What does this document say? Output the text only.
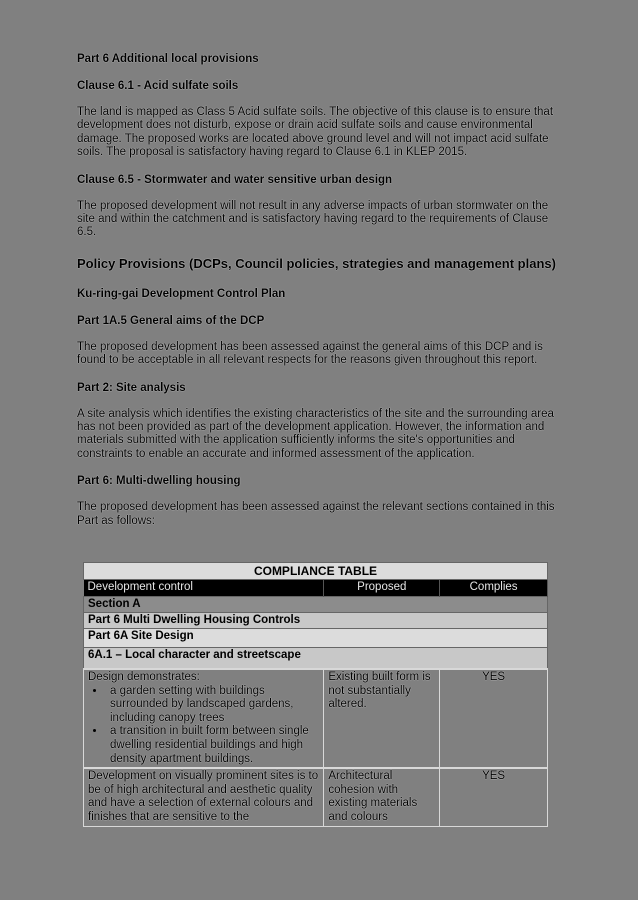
Part 6 Additional local provisions

Clause 6.1 - Acid sulfate soils

The land is mapped as Class 5 Acid sulfate soils. The objective of this clause is to ensure that development does not disturb, expose or drain acid sulfate soils and cause environmental damage. The proposed works are located above ground level and will not impact acid sulfate soils. The proposal is satisfactory having regard to Clause 6.1 in KLEP 2015.

Clause 6.5 - Stormwater and water sensitive urban design

The proposed development will not result in any adverse impacts of urban stormwater on the site and within the catchment and is satisfactory having regard to the requirements of Clause 6.5.

Policy Provisions (DCPs, Council policies, strategies and management plans)

Ku-ring-gai Development Control Plan

Part 1A.5 General aims of the DCP

The proposed development has been assessed against the general aims of this DCP and is found to be acceptable in all relevant respects for the reasons given throughout this report.

Part 2: Site analysis

A site analysis which identifies the existing characteristics of the site and the surrounding area has not been provided as part of the development application. However, the information and materials submitted with the application sufficiently informs the site's opportunities and constraints to enable an accurate and informed assessment of the application.

Part 6: Multi-dwelling housing

The proposed development has been assessed against the relevant sections contained in this Part as follows:

COMPLIANCE TABLE		
Development control	Proposed	Complies
Section A		
Part 6 Multi Dwelling Housing Controls		
Part 6A Site Design		
6A.1 – Local character and streetscape		

Design demonstrates:
• a garden setting with buildings surrounded by landscaped gardens, including canopy trees
• a transition in built form between single dwelling residential buildings and high density apartment buildings.
	Existing built form is not substantially altered.	YES
Development on visually prominent sites is to be of high architectural and aesthetic quality and have a selection of external colours and finishes that are sensitive to the	Architectural cohesion with existing materials and colours	YES
